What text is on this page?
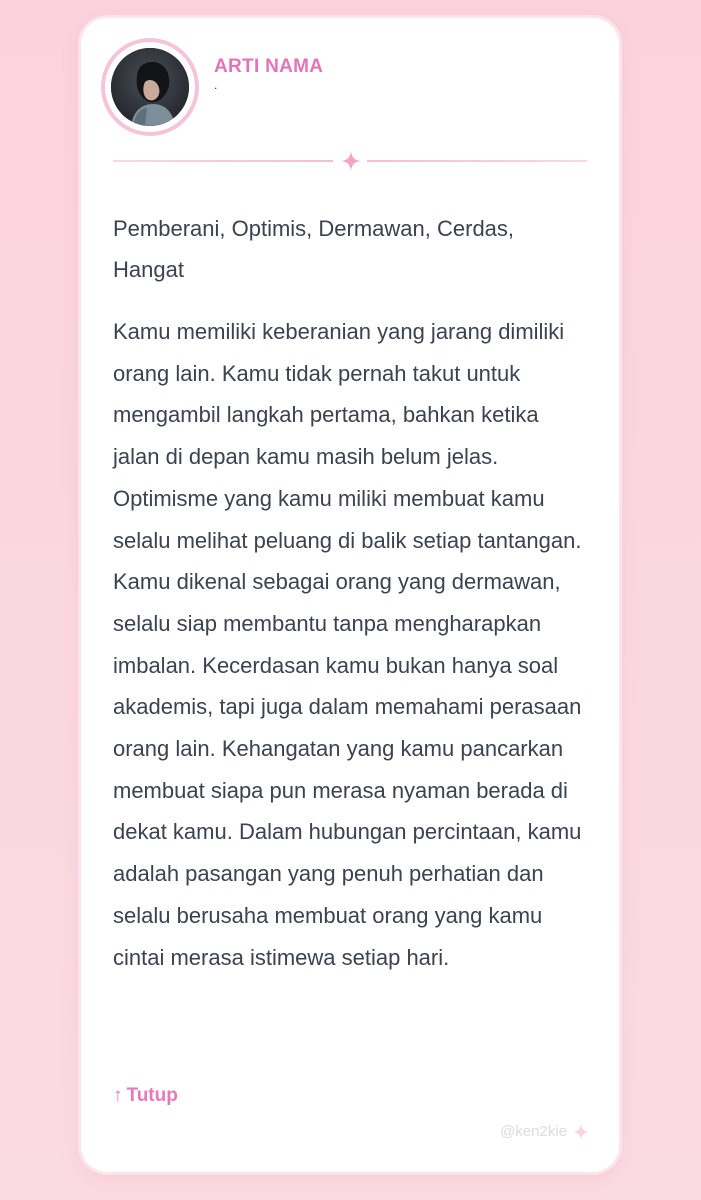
ARTI NAMA
.
Pemberani, Optimis, Dermawan, Cerdas, Hangat
Kamu memiliki keberanian yang jarang dimiliki orang lain. Kamu tidak pernah takut untuk mengambil langkah pertama, bahkan ketika jalan di depan kamu masih belum jelas. Optimisme yang kamu miliki membuat kamu selalu melihat peluang di balik setiap tantangan. Kamu dikenal sebagai orang yang dermawan, selalu siap membantu tanpa mengharapkan imbalan. Kecerdasan kamu bukan hanya soal akademis, tapi juga dalam memahami perasaan orang lain. Kehangatan yang kamu pancarkan membuat siapa pun merasa nyaman berada di dekat kamu. Dalam hubungan percintaan, kamu adalah pasangan yang penuh perhatian dan selalu berusaha membuat orang yang kamu cintai merasa istimewa setiap hari.
↑ Tutup
@ken2kie
